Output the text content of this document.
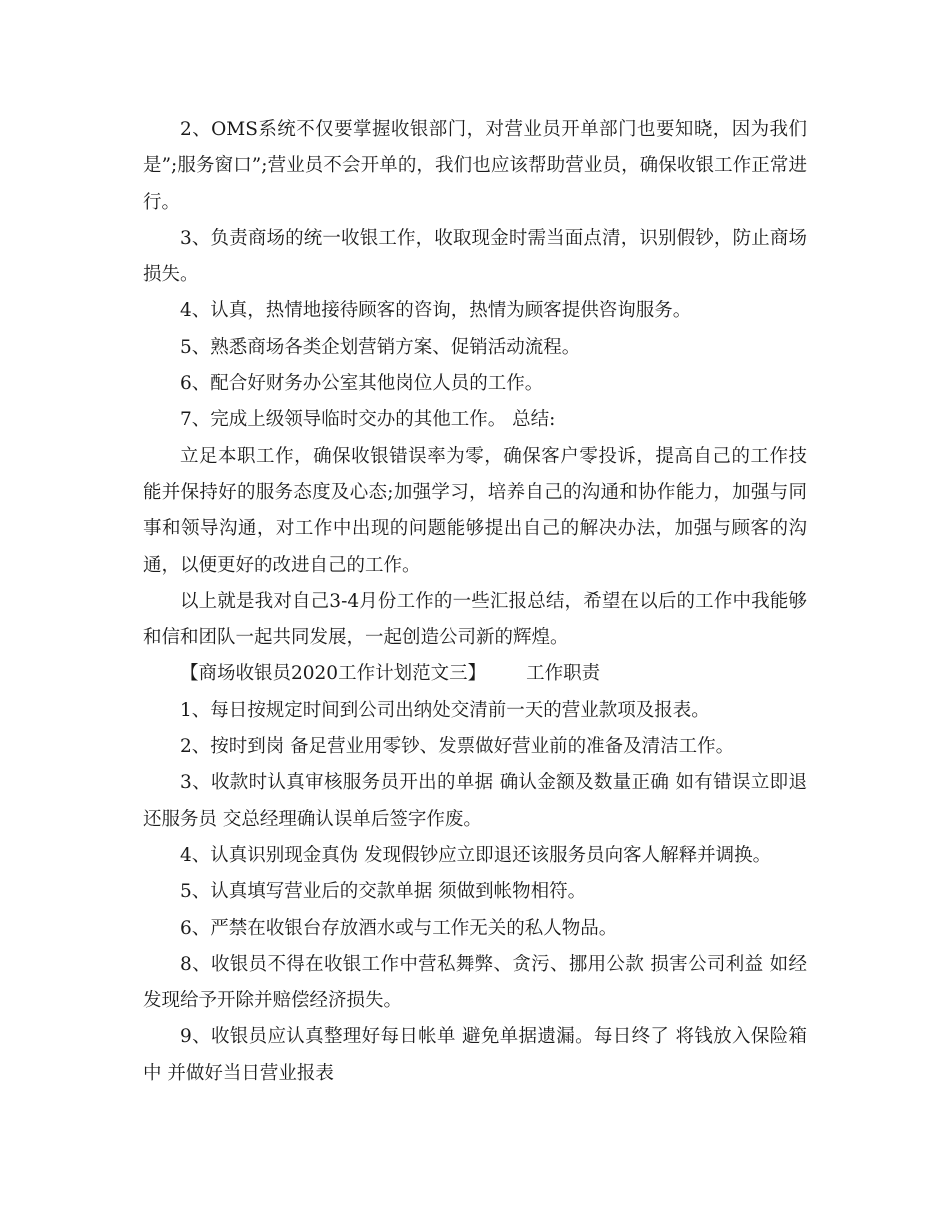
2、OMS系统不仅要掌握收银部门，对营业员开单部门也要知晓，因为我们是”;服务窗口”;营业员不会开单的，我们也应该帮助营业员，确保收银工作正常进行。

3、负责商场的统一收银工作，收取现金时需当面点清，识别假钞，防止商场损失。

4、认真，热情地接待顾客的咨询，热情为顾客提供咨询服务。

5、熟悉商场各类企划营销方案、促销活动流程。

6、配合好财务办公室其他岗位人员的工作。

7、完成上级领导临时交办的其他工作。 总结:

立足本职工作，确保收银错误率为零，确保客户零投诉，提高自己的工作技能并保持好的服务态度及心态;加强学习，培养自己的沟通和协作能力，加强与同事和领导沟通，对工作中出现的问题能够提出自己的解决办法，加强与顾客的沟通，以便更好的改进自己的工作。

以上就是我对自己3-4月份工作的一些汇报总结，希望在以后的工作中我能够和信和团队一起共同发展，一起创造公司新的辉煌。

【商场收银员2020工作计划范文三】 工作职责

1、每日按规定时间到公司出纳处交清前一天的营业款项及报表。

2、按时到岗 备足营业用零钞、发票做好营业前的准备及清洁工作。

3、收款时认真审核服务员开出的单据 确认金额及数量正确 如有错误立即退还服务员 交总经理确认误单后签字作废。

4、认真识别现金真伪 发现假钞应立即退还该服务员向客人解释并调换。

5、认真填写营业后的交款单据 须做到帐物相符。

6、严禁在收银台存放酒水或与工作无关的私人物品。

8、收银员不得在收银工作中营私舞弊、贪污、挪用公款 损害公司利益 如经发现给予开除并赔偿经济损失。

9、收银员应认真整理好每日帐单 避免单据遗漏。每日终了 将钱放入保险箱中 并做好当日营业报表
